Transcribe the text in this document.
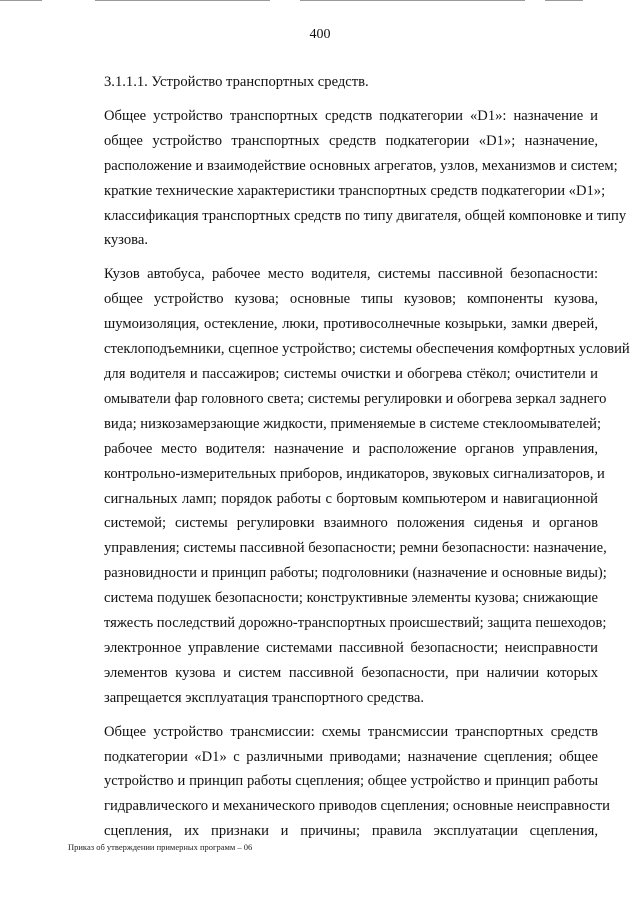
400

3.1.1.1. Устройство транспортных средств.

Общее устройство транспортных средств подкатегории «D1»: назначение и
общее устройство транспортных средств подкатегории «D1»; назначение,
расположение и взаимодействие основных агрегатов, узлов, механизмов и систем;
краткие технические характеристики транспортных средств подкатегории «D1»;
классификация транспортных средств по типу двигателя, общей компоновке и типу
кузова.

Кузов автобуса, рабочее место водителя, системы пассивной безопасности:
общее устройство кузова; основные типы кузовов; компоненты кузова,
шумоизоляция, остекление, люки, противосолнечные козырьки, замки дверей,
стеклоподъемники, сцепное устройство; системы обеспечения комфортных условий
для водителя и пассажиров; системы очистки и обогрева стёкол; очистители и
омыватели фар головного света; системы регулировки и обогрева зеркал заднего
вида; низкозамерзающие жидкости, применяемые в системе стеклоомывателей;
рабочее место водителя: назначение и расположение органов управления,
контрольно-измерительных приборов, индикаторов, звуковых сигнализаторов, и
сигнальных ламп; порядок работы с бортовым компьютером и навигационной
системой; системы регулировки взаимного положения сиденья и органов
управления; системы пассивной безопасности; ремни безопасности: назначение,
разновидности и принцип работы; подголовники (назначение и основные виды);
система подушек безопасности; конструктивные элементы кузова; снижающие
тяжесть последствий дорожно-транспортных происшествий; защита пешеходов;
электронное управление системами пассивной безопасности; неисправности
элементов кузова и систем пассивной безопасности, при наличии которых
запрещается эксплуатация транспортного средства.

Общее устройство трансмиссии: схемы трансмиссии транспортных средств
подкатегории «D1» с различными приводами; назначение сцепления; общее
устройство и принцип работы сцепления; общее устройство и принцип работы
гидравлического и механического приводов сцепления; основные неисправности
сцепления, их признаки и причины; правила эксплуатации сцепления,

Приказ об утверждении примерных программ – 06
